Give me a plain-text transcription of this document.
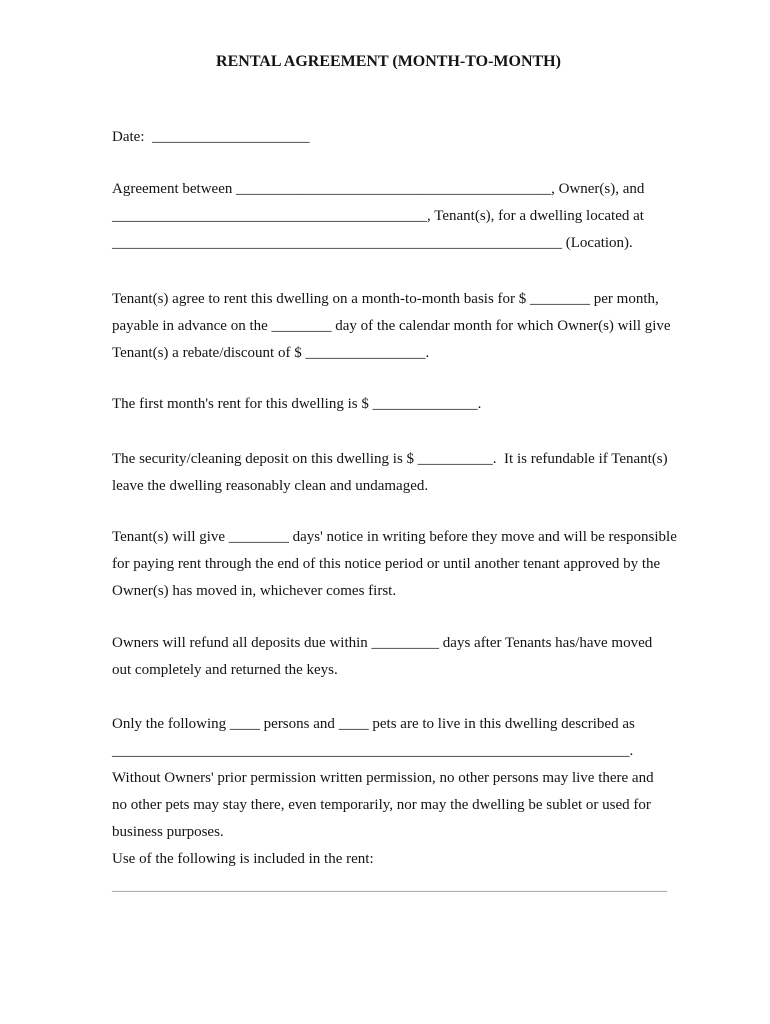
RENTAL AGREEMENT (MONTH-TO-MONTH)
Date:  _____________________
Agreement between __________________________________________, Owner(s), and
__________________________________________, Tenant(s), for a dwelling located at
____________________________________________________________ (Location).
Tenant(s) agree to rent this dwelling on a month-to-month basis for $ ________ per month,
payable in advance on the ________ day of the calendar month for which Owner(s) will give
Tenant(s) a rebate/discount of $ ________________.
The first month's rent for this dwelling is $ ______________.
The security/cleaning deposit on this dwelling is $ __________.  It is refundable if Tenant(s)
leave the dwelling reasonably clean and undamaged.
Tenant(s) will give ________ days' notice in writing before they move and will be responsible
for paying rent through the end of this notice period or until another tenant approved by the
Owner(s) has moved in, whichever comes first.
Owners will refund all deposits due within _________ days after Tenants has/have moved
out completely and returned the keys.
Only the following ____ persons and ____ pets are to live in this dwelling described as
_____________________________________________________________________.
Without Owners' prior permission written permission, no other persons may live there and
no other pets may stay there, even temporarily, nor may the dwelling be sublet or used for
business purposes.
Use of the following is included in the rent:
__________________________________________________________________________
